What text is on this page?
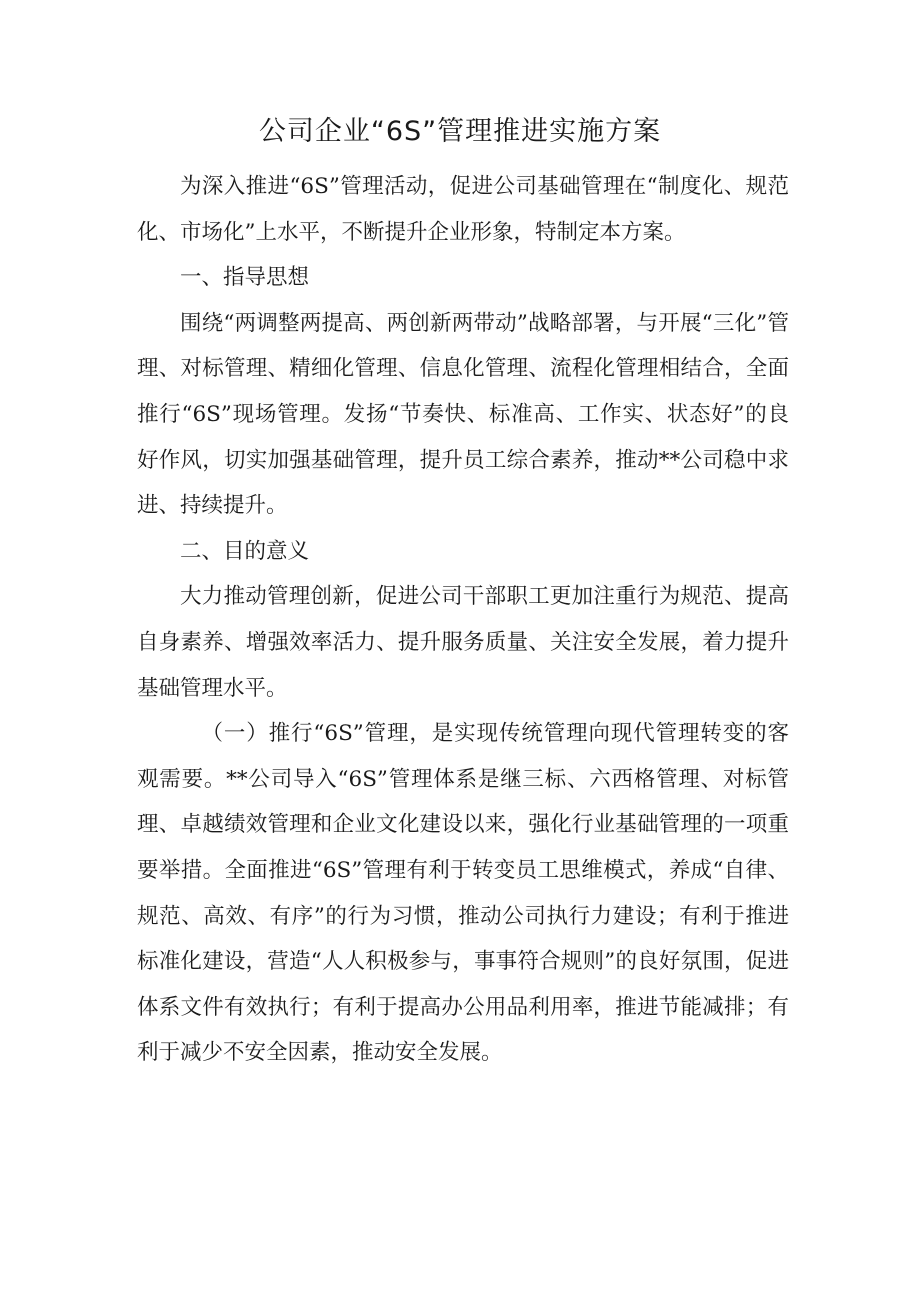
公司企业“6S”管理推进实施方案

为深入推进“6S”管理活动，促进公司基础管理在“制度化、规范化、市场化”上水平，不断提升企业形象，特制定本方案。

一、指导思想

围绕“两调整两提高、两创新两带动”战略部署，与开展“三化”管理、对标管理、精细化管理、信息化管理、流程化管理相结合，全面推行“6S”现场管理。发扬“节奏快、标准高、工作实、状态好”的良好作风，切实加强基础管理，提升员工综合素养，推动**公司稳中求进、持续提升。

二、目的意义

大力推动管理创新，促进公司干部职工更加注重行为规范、提高自身素养、增强效率活力、提升服务质量、关注安全发展，着力提升基础管理水平。

（一）推行“6S”管理，是实现传统管理向现代管理转变的客观需要。**公司导入“6S”管理体系是继三标、六西格管理、对标管理、卓越绩效管理和企业文化建设以来，强化行业基础管理的一项重要举措。全面推进“6S”管理有利于转变员工思维模式，养成“自律、规范、高效、有序”的行为习惯，推动公司执行力建设；有利于推进标准化建设，营造“人人积极参与，事事符合规则”的良好氛围，促进体系文件有效执行；有利于提高办公用品利用率，推进节能减排；有利于减少不安全因素，推动安全发展。
